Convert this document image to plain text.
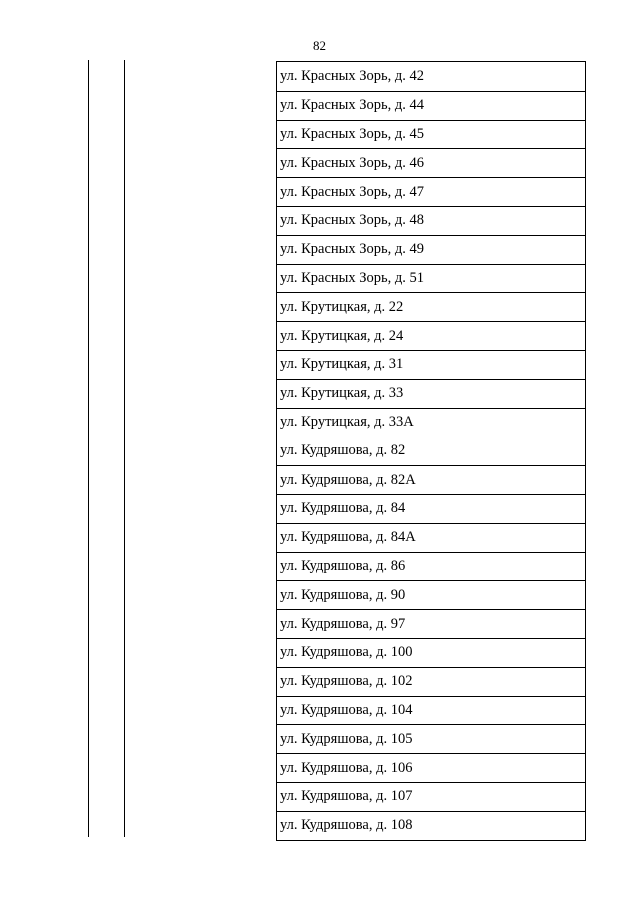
82
ул. Красных Зорь, д. 42
ул. Красных Зорь, д. 44
ул. Красных Зорь, д. 45
ул. Красных Зорь, д. 46
ул. Красных Зорь, д. 47
ул. Красных Зорь, д. 48
ул. Красных Зорь, д. 49
ул. Красных Зорь, д. 51
ул. Крутицкая, д. 22
ул. Крутицкая, д. 24
ул. Крутицкая, д. 31
ул. Крутицкая, д. 33
ул. Крутицкая, д. 33А
ул. Кудряшова, д. 82
ул. Кудряшова, д. 82А
ул. Кудряшова, д. 84
ул. Кудряшова, д. 84А
ул. Кудряшова, д. 86
ул. Кудряшова, д. 90
ул. Кудряшова, д. 97
ул. Кудряшова, д. 100
ул. Кудряшова, д. 102
ул. Кудряшова, д. 104
ул. Кудряшова, д. 105
ул. Кудряшова, д. 106
ул. Кудряшова, д. 107
ул. Кудряшова, д. 108
